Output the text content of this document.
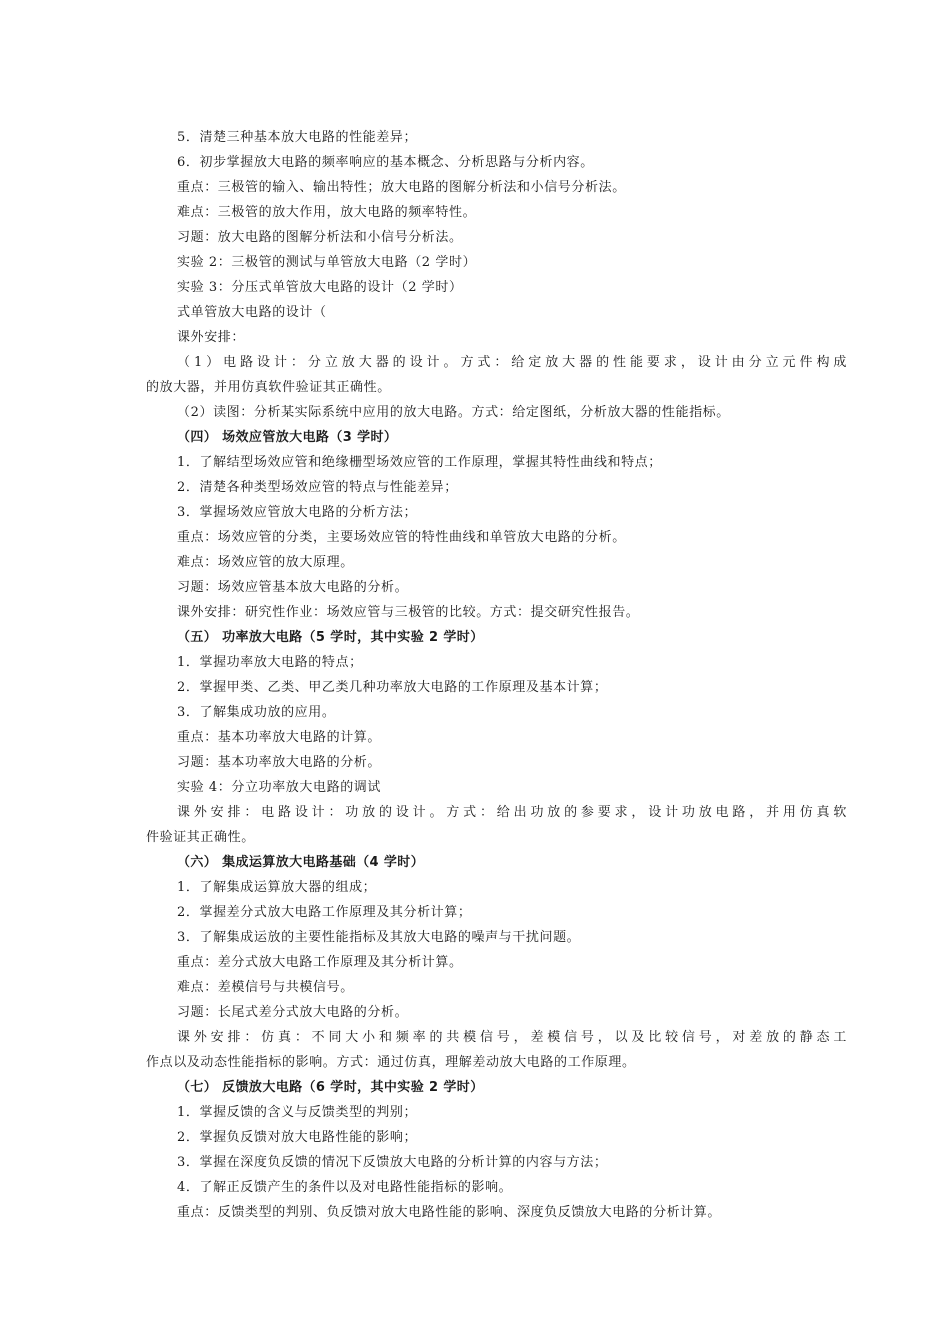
5．清楚三种基本放大电路的性能差异；
6．初步掌握放大电路的频率响应的基本概念、分析思路与分析内容。
重点：三极管的输入、输出特性；放大电路的图解分析法和小信号分析法。
难点：三极管的放大作用，放大电路的频率特性。
习题：放大电路的图解分析法和小信号分析法。
实验 2：三极管的测试与单管放大电路（2 学时）
实验 3：分压式单管放大电路的设计（2 学时）
式单管放大电路的设计（
课外安排：
（1）电路设计：分立放大器的设计。方式：给定放大器的性能要求，设计由分立元件构成
的放大器，并用仿真软件验证其正确性。
（2）读图：分析某实际系统中应用的放大电路。方式：给定图纸，分析放大器的性能指标。
（四） 场效应管放大电路（3 学时）
1．了解结型场效应管和绝缘栅型场效应管的工作原理，掌握其特性曲线和特点；
2．清楚各种类型场效应管的特点与性能差异；
3．掌握场效应管放大电路的分析方法；
重点：场效应管的分类，主要场效应管的特性曲线和单管放大电路的分析。
难点：场效应管的放大原理。
习题：场效应管基本放大电路的分析。
课外安排：研究性作业：场效应管与三极管的比较。方式：提交研究性报告。
（五） 功率放大电路（5 学时，其中实验 2 学时）
1．掌握功率放大电路的特点；
2．掌握甲类、乙类、甲乙类几种功率放大电路的工作原理及基本计算；
3．了解集成功放的应用。
重点：基本功率放大电路的计算。
习题：基本功率放大电路的分析。
实验 4：分立功率放大电路的调试
课外安排：电路设计：功放的设计。方式：给出功放的参要求，设计功放电路，并用仿真软
件验证其正确性。
（六） 集成运算放大电路基础（4 学时）
1．了解集成运算放大器的组成；
2．掌握差分式放大电路工作原理及其分析计算；
3．了解集成运放的主要性能指标及其放大电路的噪声与干扰问题。
重点：差分式放大电路工作原理及其分析计算。
难点：差模信号与共模信号。
习题：长尾式差分式放大电路的分析。
课外安排：仿真：不同大小和频率的共模信号，差模信号，以及比较信号，对差放的静态工
作点以及动态性能指标的影响。方式：通过仿真，理解差动放大电路的工作原理。
（七） 反馈放大电路（6 学时，其中实验 2 学时）
1．掌握反馈的含义与反馈类型的判别；
2．掌握负反馈对放大电路性能的影响；
3．掌握在深度负反馈的情况下反馈放大电路的分析计算的内容与方法；
4．了解正反馈产生的条件以及对电路性能指标的影响。
重点：反馈类型的判别、负反馈对放大电路性能的影响、深度负反馈放大电路的分析计算。
